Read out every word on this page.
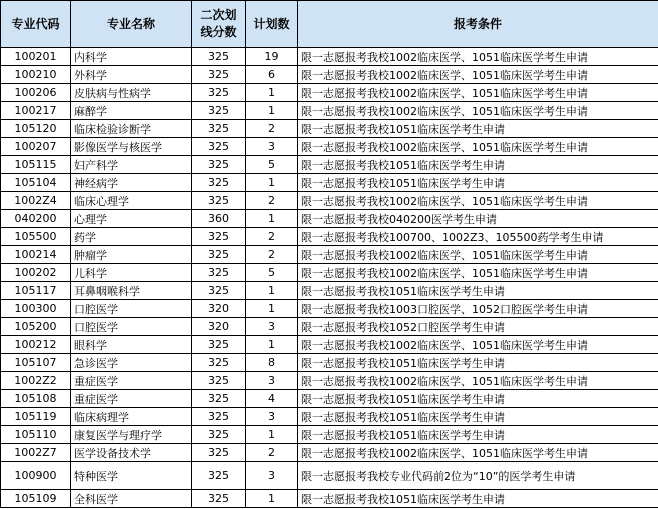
专业代码	专业名称	二次划线分数	计划数	报考条件
100201	内科学	325	19	限一志愿报考我校1002临床医学、1051临床医学考生申请
100210	外科学	325	6	限一志愿报考我校1002临床医学、1051临床医学考生申请
100206	皮肤病与性病学	325	1	限一志愿报考我校1002临床医学、1051临床医学考生申请
100217	麻醉学	325	1	限一志愿报考我校1002临床医学、1051临床医学考生申请
105120	临床检验诊断学	325	2	限一志愿报考我校1051临床医学考生申请
100207	影像医学与核医学	325	3	限一志愿报考我校1002临床医学、1051临床医学考生申请
105115	妇产科学	325	5	限一志愿报考我校1051临床医学考生申请
105104	神经病学	325	1	限一志愿报考我校1051临床医学考生申请
1002Z4	临床心理学	325	2	限一志愿报考我校1002临床医学、1051临床医学考生申请
040200	心理学	360	1	限一志愿报考我校040200医学考生申请
105500	药学	325	2	限一志愿报考我校100700、1002Z3、105500药学考生申请
100214	肿瘤学	325	2	限一志愿报考我校1002临床医学、1051临床医学考生申请
100202	儿科学	325	5	限一志愿报考我校1002临床医学、1051临床医学考生申请
105117	耳鼻咽喉科学	325	1	限一志愿报考我校1051临床医学考生申请
100300	口腔医学	320	1	限一志愿报考我校1003口腔医学、1052口腔医学考生申请
105200	口腔医学	320	3	限一志愿报考我校1052口腔医学考生申请
100212	眼科学	325	1	限一志愿报考我校1002临床医学、1051临床医学考生申请
105107	急诊医学	325	8	限一志愿报考我校1051临床医学考生申请
1002Z2	重症医学	325	3	限一志愿报考我校1002临床医学、1051临床医学考生申请
105108	重症医学	325	4	限一志愿报考我校1051临床医学考生申请
105119	临床病理学	325	3	限一志愿报考我校1051临床医学考生申请
105110	康复医学与理疗学	325	1	限一志愿报考我校1051临床医学考生申请
1002Z7	医学设备技术学	325	2	限一志愿报考我校1002临床医学、1051临床医学考生申请
100900	特种医学	325	3	限一志愿报考我校专业代码前2位为“10”的医学考生申请
105109	全科医学	325	1	限一志愿报考我校1051临床医学考生申请
